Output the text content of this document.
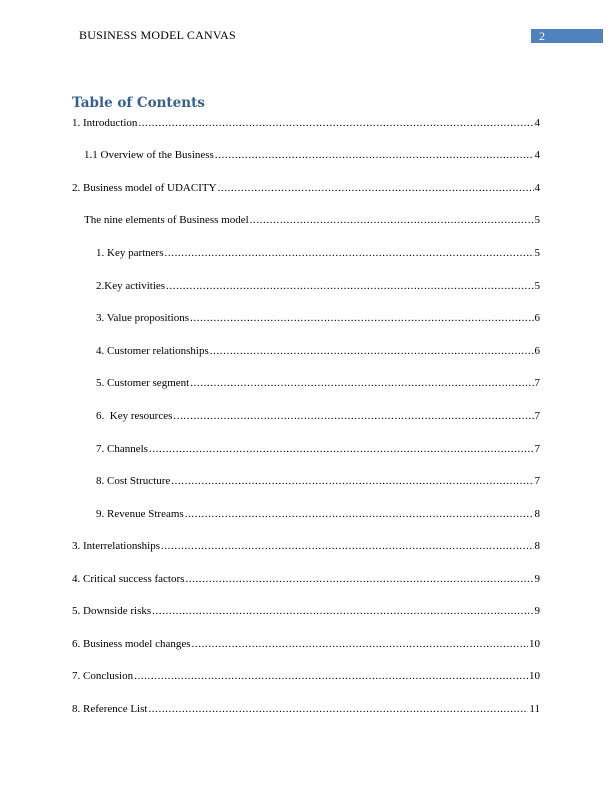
BUSINESS MODEL CANVAS	2
Table of Contents
1. Introduction .....	4
1.1 Overview of the Business .....	4
2. Business model of UDACITY .....	4
The nine elements of Business model .....	5
1. Key partners .....	5
2.Key activities .....	5
3. Value propositions .....	6
4. Customer relationships .....	6
5. Customer segment .....	7
6.  Key resources .....	7
7. Channels .....	7
8. Cost Structure .....	7
9. Revenue Streams .....	8
3. Interrelationships .....	8
4. Critical success factors .....	9
5. Downside risks .....	9
6. Business model changes .....	10
7. Conclusion .....	10
8. Reference List .....	11
